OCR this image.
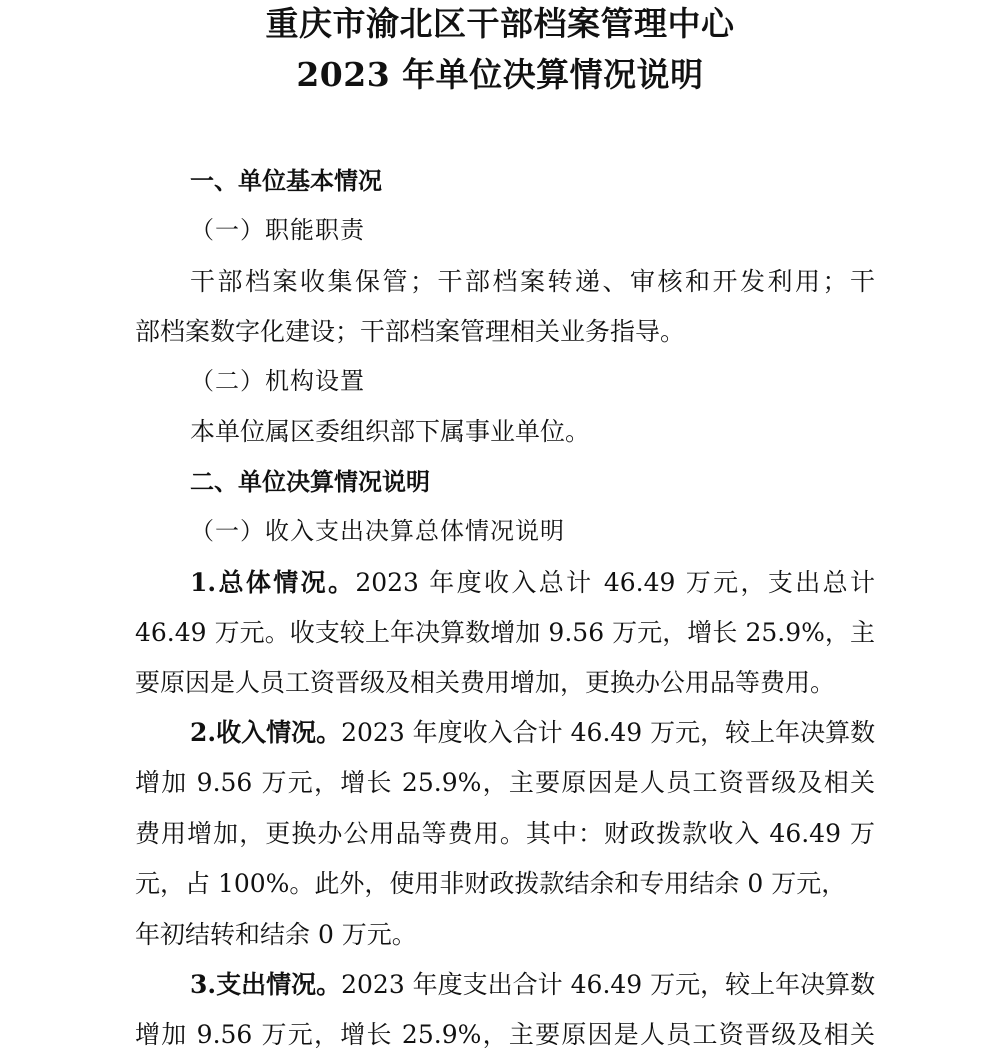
重庆市渝北区干部档案管理中心
2023 年单位决算情况说明
一、单位基本情况
（一）职能职责
干部档案收集保管；干部档案转递、审核和开发利用；干
部档案数字化建设；干部档案管理相关业务指导。
（二）机构设置
本单位属区委组织部下属事业单位。
二、单位决算情况说明
（一）收入支出决算总体情况说明
1.总体情况。2023 年度收入总计 46.49 万元，支出总计
46.49 万元。收支较上年决算数增加 9.56 万元，增长 25.9%，主
要原因是人员工资晋级及相关费用增加，更换办公用品等费用。
2.收入情况。2023 年度收入合计 46.49 万元，较上年决算数
增加 9.56 万元，增长 25.9%，主要原因是人员工资晋级及相关
费用增加，更换办公用品等费用。其中：财政拨款收入 46.49 万
元，占 100%。此外，使用非财政拨款结余和专用结余 0 万元，
年初结转和结余 0 万元。
3.支出情况。2023 年度支出合计 46.49 万元，较上年决算数
增加 9.56 万元，增长 25.9%，主要原因是人员工资晋级及相关
